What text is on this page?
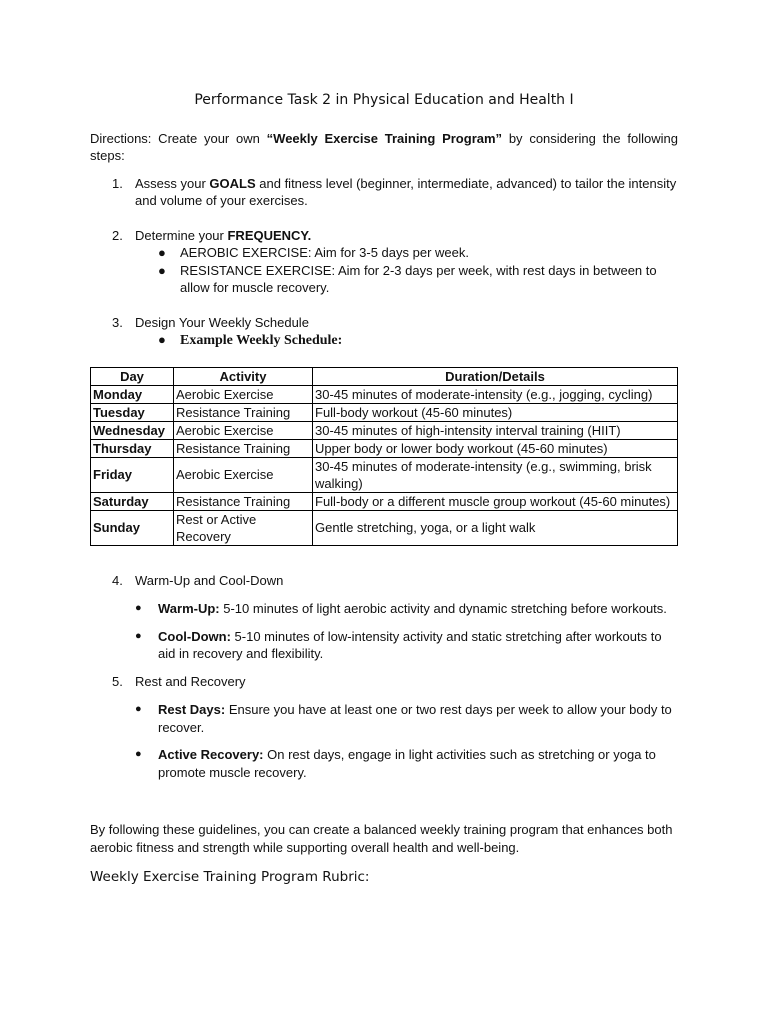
Performance Task 2 in Physical Education and Health I
Directions: Create your own “Weekly Exercise Training Program” by considering the following steps:
1. Assess your GOALS and fitness level (beginner, intermediate, advanced) to tailor the intensity and volume of your exercises.
2. Determine your FREQUENCY.
● AEROBIC EXERCISE: Aim for 3-5 days per week.
● RESISTANCE EXERCISE: Aim for 2-3 days per week, with rest days in between to allow for muscle recovery.
3. Design Your Weekly Schedule
● Example Weekly Schedule:
Day	Activity	Duration/Details
Monday	Aerobic Exercise	30-45 minutes of moderate-intensity (e.g., jogging, cycling)
Tuesday	Resistance Training	Full-body workout (45-60 minutes)
Wednesday	Aerobic Exercise	30-45 minutes of high-intensity interval training (HIIT)
Thursday	Resistance Training	Upper body or lower body workout (45-60 minutes)
Friday	Aerobic Exercise	30-45 minutes of moderate-intensity (e.g., swimming, brisk walking)
Saturday	Resistance Training	Full-body or a different muscle group workout (45-60 minutes)
Sunday	Rest or Active Recovery	Gentle stretching, yoga, or a light walk
4. Warm-Up and Cool-Down
● Warm-Up: 5-10 minutes of light aerobic activity and dynamic stretching before workouts.
● Cool-Down: 5-10 minutes of low-intensity activity and static stretching after workouts to aid in recovery and flexibility.
5. Rest and Recovery
● Rest Days: Ensure you have at least one or two rest days per week to allow your body to recover.
● Active Recovery: On rest days, engage in light activities such as stretching or yoga to promote muscle recovery.

By following these guidelines, you can create a balanced weekly training program that enhances both aerobic fitness and strength while supporting overall health and well-being.

Weekly Exercise Training Program Rubric:
